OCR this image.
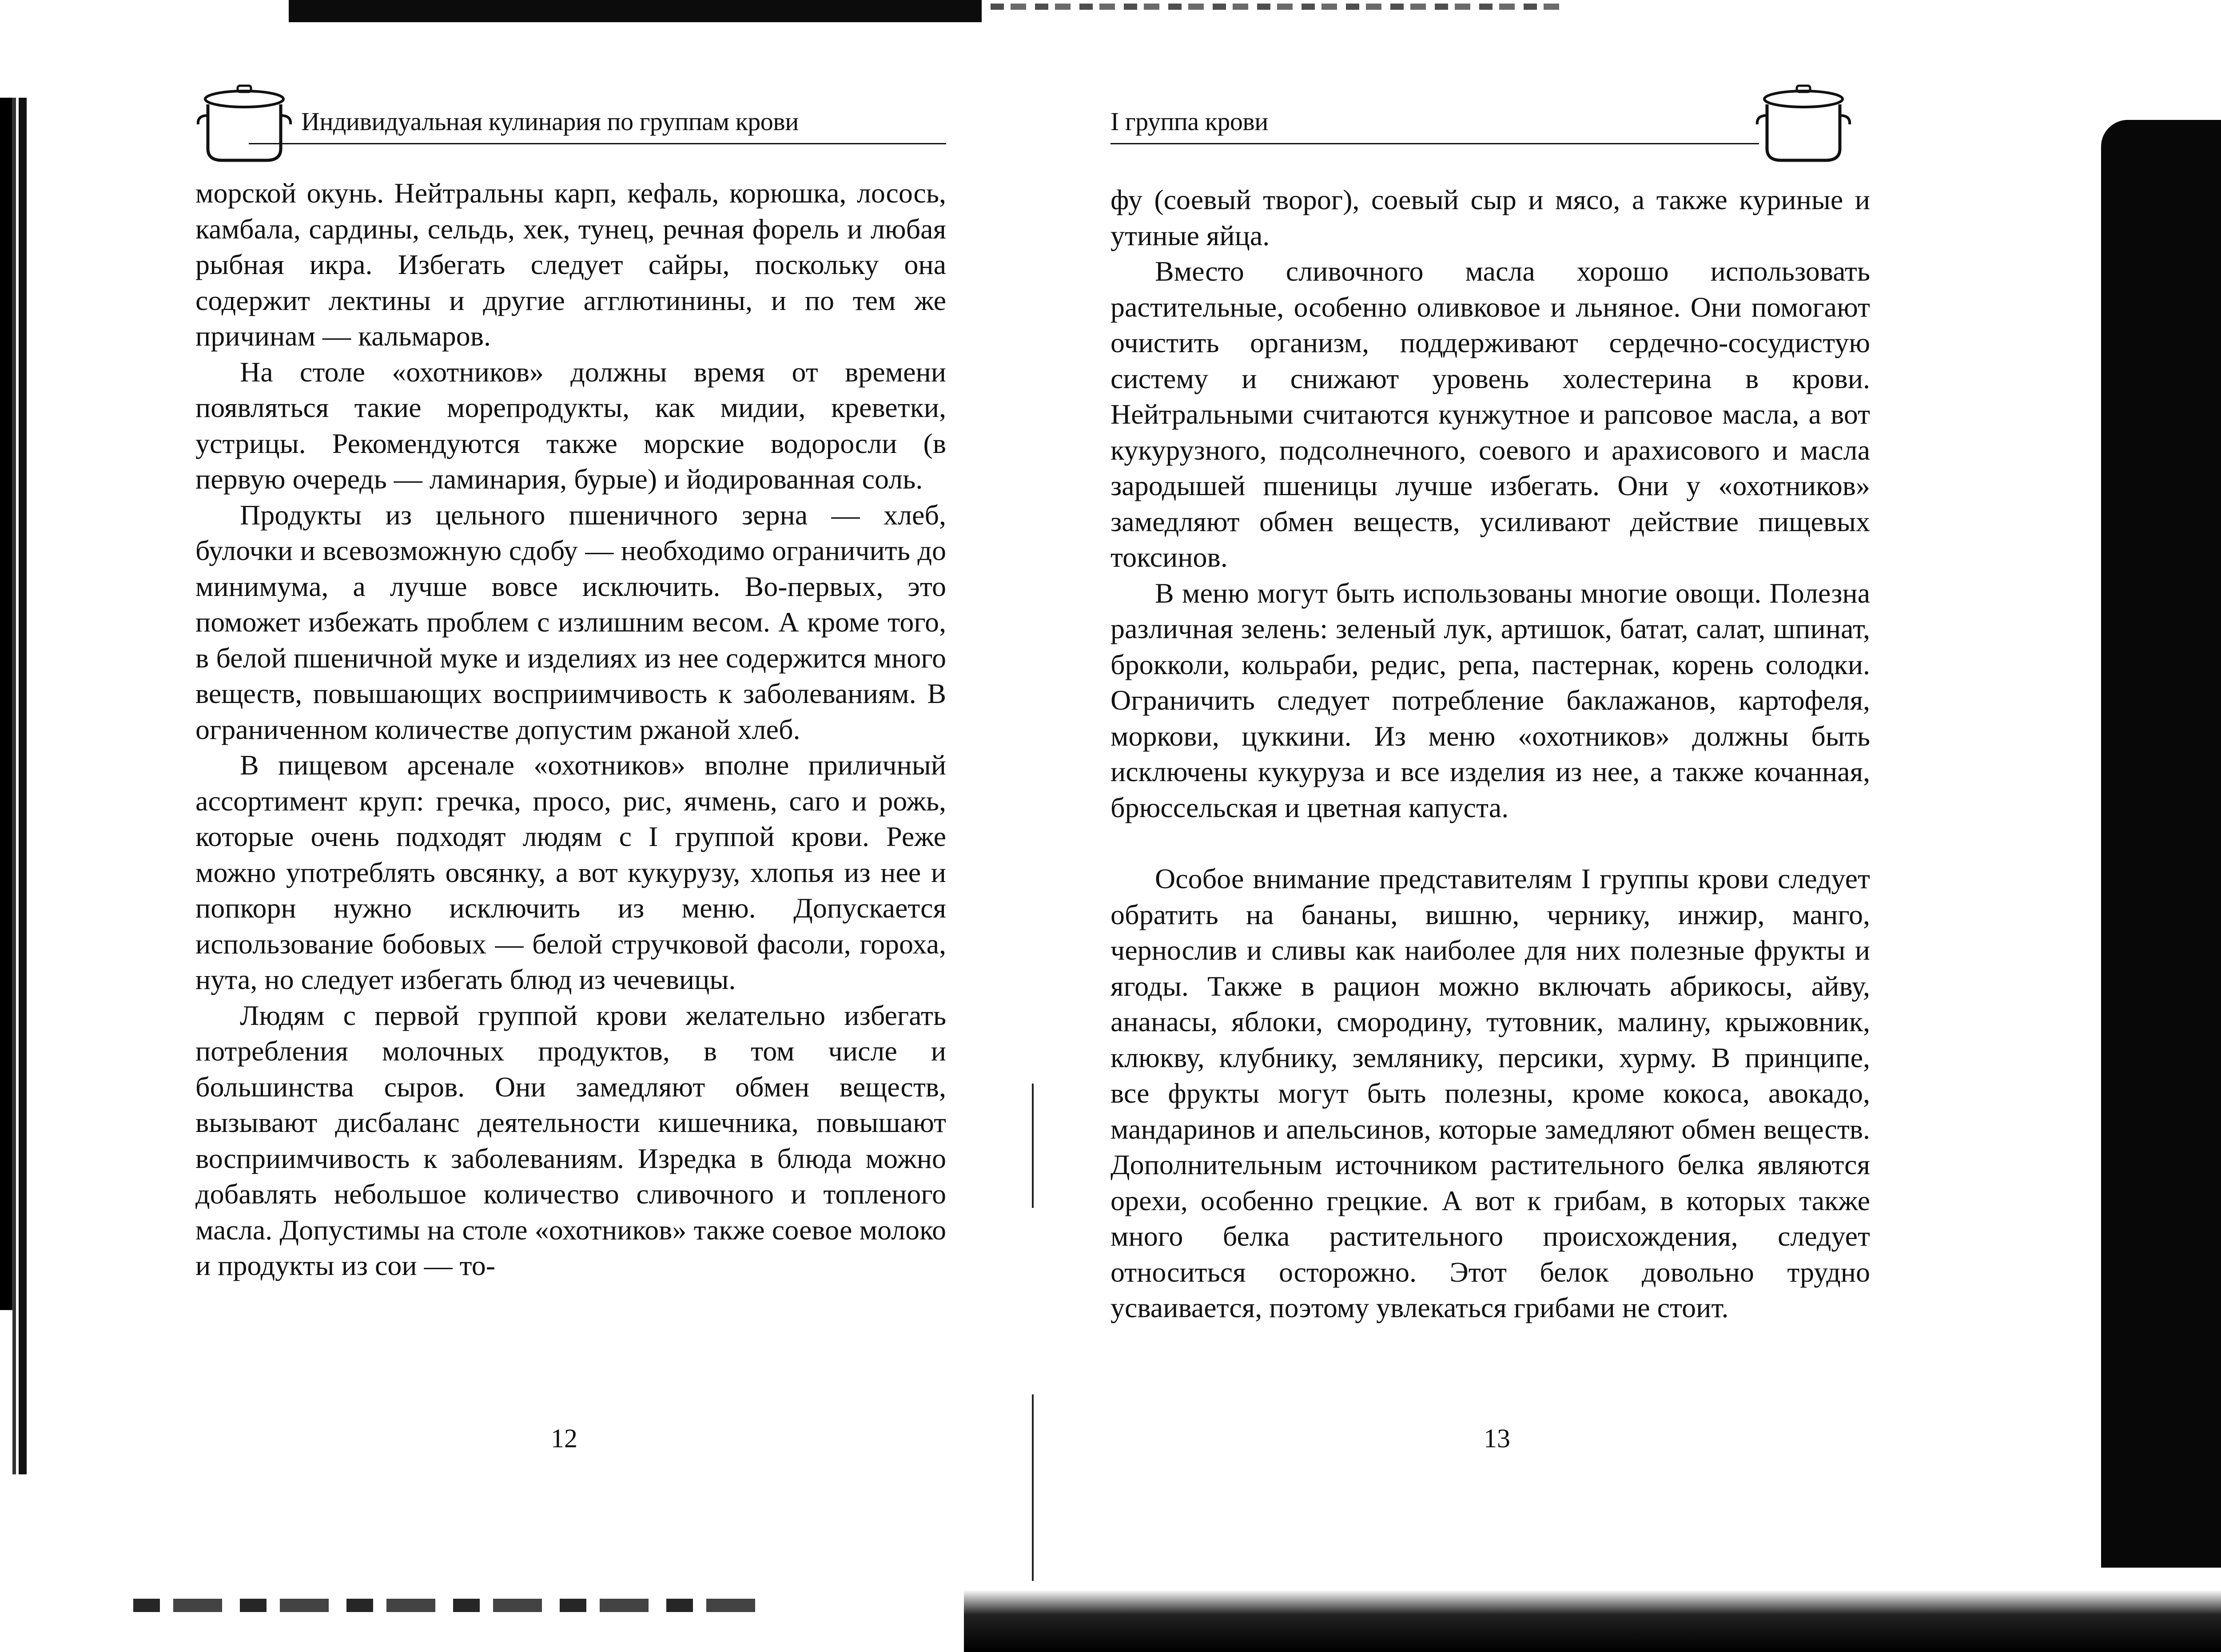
Индивидуальная кулинария по группам крови

морской окунь. Нейтральны карп, кефаль, корюшка, лосось, камбала, сардины, сельдь, хек, тунец, речная форель и любая рыбная икра. Избегать следует сайры, поскольку она содержит лектины и другие агглютинины, и по тем же причинам — кальмаров.

На столе «охотников» должны время от времени появляться такие морепродукты, как мидии, креветки, устрицы. Рекомендуются также морские водоросли (в первую очередь — ламинария, бурые) и йодированная соль.

Продукты из цельного пшеничного зерна — хлеб, булочки и всевозможную сдобу — необходимо ограничить до минимума, а лучше вовсе исключить. Во-первых, это поможет избежать проблем с излишним весом. А кроме того, в белой пшеничной муке и изделиях из нее содержится много веществ, повышающих восприимчивость к заболеваниям. В ограниченном количестве допустим ржаной хлеб.

В пищевом арсенале «охотников» вполне приличный ассортимент круп: гречка, просо, рис, ячмень, саго и рожь, которые очень подходят людям с I группой крови. Реже можно употреблять овсянку, а вот кукурузу, хлопья из нее и попкорн нужно исключить из меню. Допускается использование бобовых — белой стручковой фасоли, гороха, нута, но следует избегать блюд из чечевицы.

Людям с первой группой крови желательно избегать потребления молочных продуктов, в том числе и большинства сыров. Они замедляют обмен веществ, вызывают дисбаланс деятельности кишечника, повышают восприимчивость к заболеваниям. Изредка в блюда можно добавлять небольшое количество сливочного и топленого масла. Допустимы на столе «охотников» также соевое молоко и продукты из сои — то-

12
I группа крови

фу (соевый творог), соевый сыр и мясо, а также куриные и утиные яйца.

Вместо сливочного масла хорошо использовать растительные, особенно оливковое и льняное. Они помогают очистить организм, поддерживают сердечно-сосудистую систему и снижают уровень холестерина в крови. Нейтральными считаются кунжутное и рапсовое масла, а вот кукурузного, подсолнечного, соевого и арахисового и масла зародышей пшеницы лучше избегать. Они у «охотников» замедляют обмен веществ, усиливают действие пищевых токсинов.

В меню могут быть использованы многие овощи. Полезна различная зелень: зеленый лук, артишок, батат, салат, шпинат, брокколи, кольраби, редис, репа, пастернак, корень солодки. Ограничить следует потребление баклажанов, картофеля, моркови, цуккини. Из меню «охотников» должны быть исключены кукуруза и все изделия из нее, а также кочанная, брюссельская и цветная капуста.

Особое внимание представителям I группы крови следует обратить на бананы, вишню, чернику, инжир, манго, чернослив и сливы как наиболее для них полезные фрукты и ягоды. Также в рацион можно включать абрикосы, айву, ананасы, яблоки, смородину, тутовник, малину, крыжовник, клюкву, клубнику, землянику, персики, хурму. В принципе, все фрукты могут быть полезны, кроме кокоса, авокадо, мандаринов и апельсинов, которые замедляют обмен веществ. Дополнительным источником растительного белка являются орехи, особенно грецкие. А вот к грибам, в которых также много белка растительного происхождения, следует относиться осторожно. Этот белок довольно трудно усваивается, поэтому увлекаться грибами не стоит.

13
